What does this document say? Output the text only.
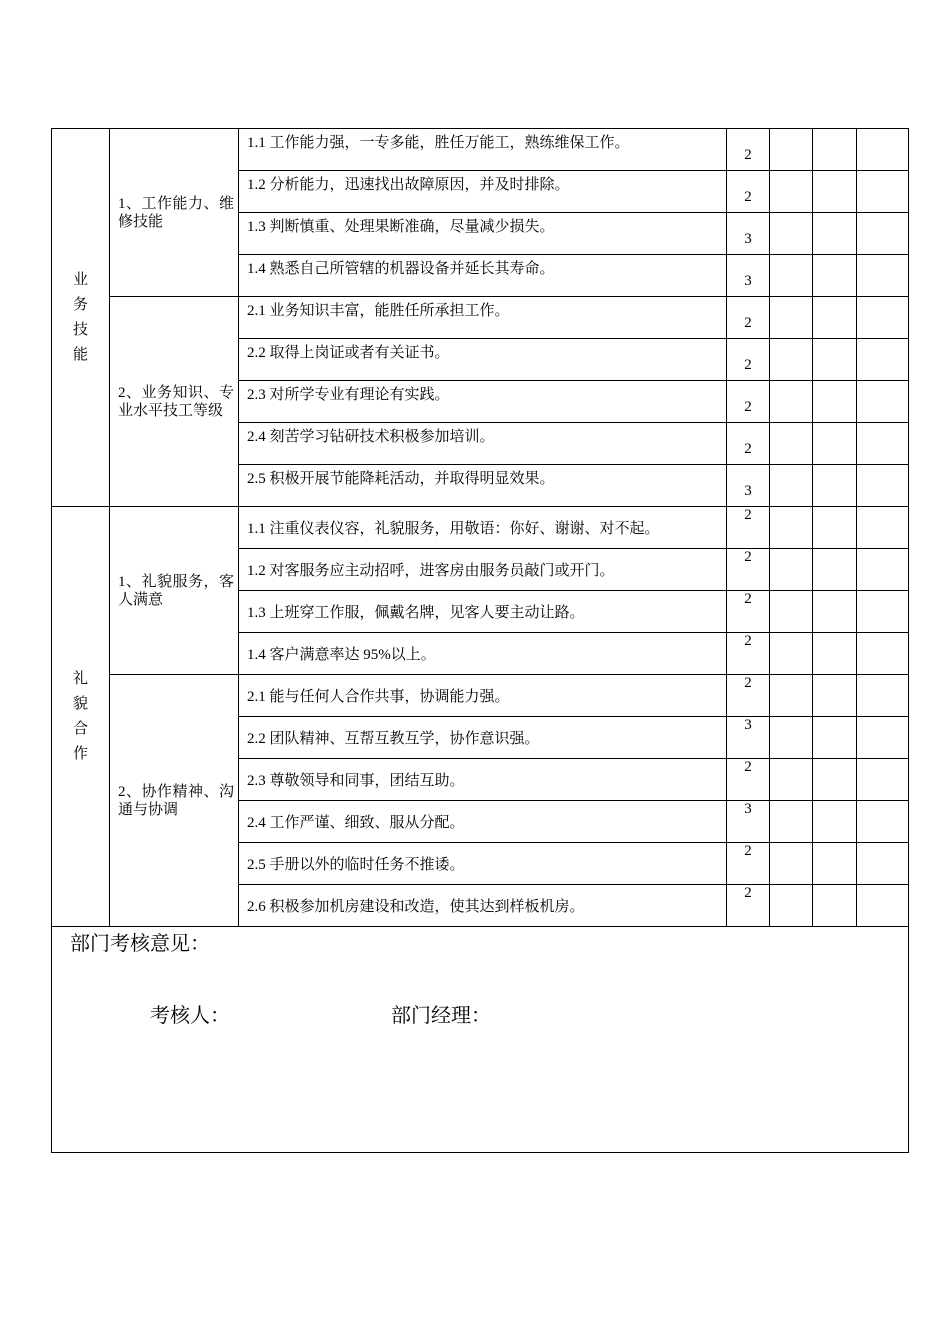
业务技能	1、工作能力、维修技能	1.1 工作能力强，一专多能，胜任万能工，熟练维保工作。	2			
		1.2 分析能力，迅速找出故障原因，并及时排除。	2			
		1.3 判断慎重、处理果断准确，尽量减少损失。	3			
		1.4 熟悉自己所管辖的机器设备并延长其寿命。	3			
	2、业务知识、专业水平技工等级	2.1 业务知识丰富，能胜任所承担工作。	2			
		2.2 取得上岗证或者有关证书。	2			
		2.3 对所学专业有理论有实践。	2			
		2.4 刻苦学习钻研技术积极参加培训。	2			
		2.5 积极开展节能降耗活动，并取得明显效果。	3			
礼貌合作	1、礼貌服务，客人满意	1.1 注重仪表仪容，礼貌服务，用敬语：你好、谢谢、对不起。	2			
		1.2 对客服务应主动招呼，进客房由服务员敲门或开门。	2			
		1.3 上班穿工作服，佩戴名牌，见客人要主动让路。	2			
		1.4 客户满意率达 95%以上。	2			
	2、协作精神、沟通与协调	2.1 能与任何人合作共事，协调能力强。	2			
		2.2 团队精神、互帮互教互学，协作意识强。	3			
		2.3 尊敬领导和同事，团结互助。	2			
		2.4 工作严谨、细致、服从分配。	3			
		2.5 手册以外的临时任务不推诿。	2			
		2.6 积极参加机房建设和改造，使其达到样板机房。	2			

部门考核意见：
考核人： 部门经理：						
